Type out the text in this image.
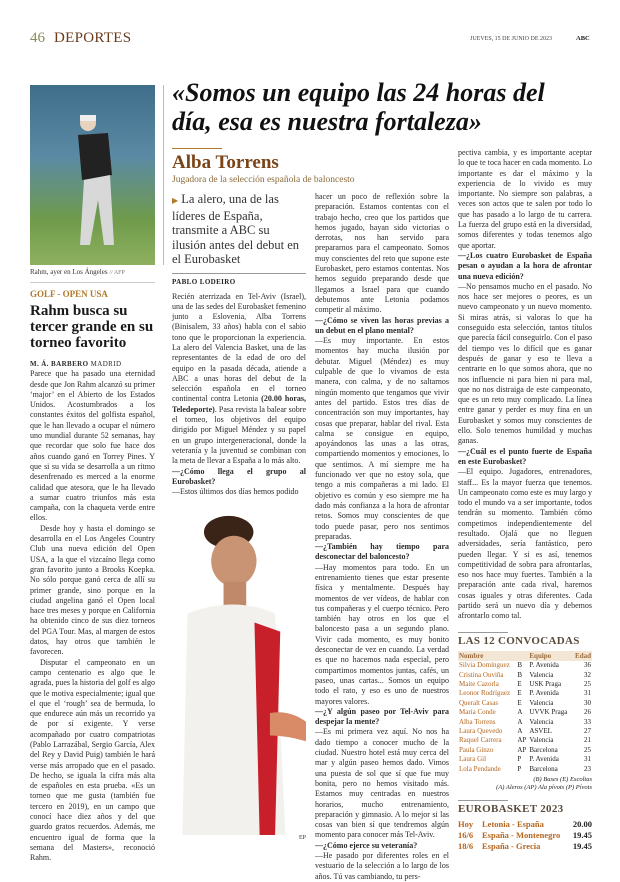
46 DEPORTES	JUEVES, 15 DE JUNIO DE 2023	ABC
Rahm, ayer en Los Ángeles // AFP
GOLF - OPEN USA
Rahm busca su tercer grande en su torneo favorito
M. Á. BARBERO MADRID

Parece que ha pasado una eternidad desde que Jon Rahm alcanzó su primer ‘major’ en el Abierto de los Estados Unidos. Acostumbrados a los constantes éxitos del golfista español, que le han llevado a ocupar el número uno mundial durante 52 semanas, hay que recordar que solo fue hace dos años cuando ganó en Torrey Pines. Y que si su vida se desarrolla a un ritmo desenfrenado es merced a la enorme calidad que atesora, que le ha llevado a sumar cuatro triunfos más esta campaña, con la chaqueta verde entre ellos.

Desde hoy y hasta el domingo se desarrolla en el Los Angeles Country Club una nueva edición del Open USA, a la que el vizcaíno llega como gran favorito junto a Brooks Koepka. No sólo porque ganó cerca de allí su primer grande, sino porque en la ciudad angelina ganó el Open local hace tres meses y porque en California ha obtenido cinco de sus diez torneos del PGA Tour. Mas, al margen de estos datos, hay otros que también le favorecen.

Disputar el campeonato en un campo centenario es algo que le agrada, pues la historia del golf es algo que le motiva especialmente; igual que el que el ‘rough’ sea de bermuda, lo que endurece aún más un recorrido ya de por sí exigente. Y verse acompañado por cuatro compatriotas (Pablo Larrazábal, Sergio García, Alex del Rey y David Puig) también le hará verse más arropado que en el pasado. De hecho, se iguala la cifra más alta de españoles en esta prueba. «Es un torneo que me gusta (también fue tercero en 2019), en un campo que conocí hace diez años y del que guardo gratos recuerdos. Además, me encuentro igual de forma que la semana del Masters», reconoció Rahm.

«Somos un equipo las 24 horas del día, esa es nuestra fortaleza»
Alba Torrens
Jugadora de la selección española de baloncesto
▶ La alero, una de las líderes de España, transmite a ABC su ilusión antes del debut en el Eurobasket
PABLO LODEIRO

Recién aterrizada en Tel-Aviv (Israel), una de las sedes del Eurobasket femenino junto a Eslovenia, Alba Torrens (Binisalem, 33 años) habla con el sabio tono que le proporcionan la experiencia. La alero del Valencia Basket, una de las representantes de la edad de oro del equipo en la pasada década, atiende a ABC a unas horas del debut de la selección española en el torneo continental contra Letonia (20.00 horas, Teledeporte). Pasa revista la balear sobre el torneo, los objetivos del equipo dirigido por Miguel Méndez y su papel en un grupo intergeneracional, donde la veteranía y la juventud se combinan con la meta de llevar a España a lo más alto.

—¿Cómo llega el grupo al Eurobasket?

—Estos últimos dos días hemos podido

EP

hacer un poco de reflexión sobre la preparación. Estamos contentas con el trabajo hecho, creo que los partidos que hemos jugado, hayan sido victorias o derrotas, nos han servido para prepararnos para el campeonato. Somos muy conscientes del reto que supone este Eurobasket, pero estamos contentas. Nos hemos seguido preparando desde que llegamos a Israel para que cuando debutemos ante Letonia podamos competir al máximo.

—¿Cómo se viven las horas previas a un debut en el plano mental?

—Es muy importante. En estos momentos hay mucha ilusión por debutar. Miguel (Méndez) es muy culpable de que lo vivamos de esta manera, con calma, y de no saltarnos ningún momento que tengamos que vivir antes del partido. Estos tres días de concentración son muy importantes, hay cosas que preparar, hablar del rival. Esta calma se consigue en equipo, apoyándonos las unas a las otras, compartiendo momentos y emociones, lo que sentimos. A mí siempre me ha funcionado ver que no estoy sola, que tengo a mis compañeras a mi lado. El objetivo es común y eso siempre me ha dado más confianza a la hora de afrontar retos. Somos muy conscientes de que todo puede pasar, pero nos sentimos preparadas.

—¿También hay tiempo para desconectar del baloncesto?

—Hay momentos para todo. En un entrenamiento tienes que estar presente física y mentalmente. Después hay momentos de ver vídeos, de hablar con tus compañeras y el cuerpo técnico. Pero también hay otros en los que el baloncesto pasa a un segundo plano. Vivir cada momento, es muy bonito desconectar de vez en cuando. La verdad es que no hacemos nada especial, pero compartimos momentos juntas, cafés, un paseo, unas cartas... Somos un equipo todo el rato, y eso es uno de nuestros mayores valores.

—¿Y algún paseo por Tel-Aviv para despejar la mente?

—Es mi primera vez aquí. No nos ha dado tiempo a conocer mucho de la ciudad. Nuestro hotel está muy cerca del mar y algún paseo hemos dado. Vimos una puesta de sol que sí que fue muy bonita, pero no hemos visitado más. Estamos muy centradas en nuestros horarios, mucho entrenamiento, preparación y gimnasio. A lo mejor si las cosas van bien sí que tendremos algún momento para conocer más Tel-Aviv.

—¿Cómo ejerce su veteranía?

—He pasado por diferentes roles en el vestuario de la selección a lo largo de los años. Tú vas cambiando, tu pers-

pectiva cambia, y es importante aceptar lo que te toca hacer en cada momento. Lo importante es dar el máximo y la experiencia de lo vivido es muy importante. No siempre son palabras, a veces son actos que te salen por todo lo que has pasado a lo largo de tu carrera. La fuerza del grupo está en la diversidad, somos diferentes y todas tenemos algo que aportar.

—¿Los cuatro Eurobasket de España pesan o ayudan a la hora de afrontar una nueva edición?

—No pensamos mucho en el pasado. No nos hace ser mejores o peores, es un nuevo campeonato y un nuevo momento. Si miras atrás, si valoras lo que ha conseguido esta selección, tantos títulos que parecía fácil conseguirlo. Con el paso del tiempo ves lo difícil que es ganar después de ganar y eso te lleva a centrarte en lo que somos ahora, que no nos influencie ni para bien ni para mal, que no nos distraiga de este campeonato, que es un reto muy complicado. La línea entre ganar y perder es muy fina en un Eurobasket y somos muy conscientes de ello. Solo tenemos humildad y muchas ganas.

—¿Cuál es el punto fuerte de España en este Eurobasket?

—El equipo. Jugadores, entrenadores, staff... Es la mayor fuerza que tenemos. Un campeonato como este es muy largo y todo el mundo va a ser importante, todos tendrán su momento. También cómo competimos independientemente del resultado. Ojalá que no lleguen adversidades, sería fantástico, pero pueden llegar. Y si es así, tenemos competitividad de sobra para afrontarlas, eso nos hace muy fuertes. También a la preparación ante cada rival, haremos cosas iguales y otras diferentes. Cada partido será un nuevo día y debemos afrontarlo como tal.

LAS 12 CONVOCADAS
Nombre		Equipo	Edad
Silvia Domínguez	B	P. Avenida	36
Cristina Ouviña	B	Valencia	32
Maite Cazorla	E	USK Praga	25
Leonor Rodríguez	E	P. Avenida	31
Queralt Casas	E	Valencia	30
María Conde	A	UVVK Praga	26
Alba Torrens	A	Valencia	33
Laura Quevedo	A	ASVEL	27
Raquel Carrera	AP	Valencia	21
Paula Ginzo	AP	Barcelona	25
Laura Gil	P	P. Avenida	31
Lola Pendande	P	Barcelona	23
(B) Bases (E) Escoltas
(A) Aleros (AP) Ala pívots (P) Pívots
EUROBASKET 2023
Hoy	Letonia - España	20.00
16/6	España - Montenegro	19.45
18/6	España - Grecia	19.45
